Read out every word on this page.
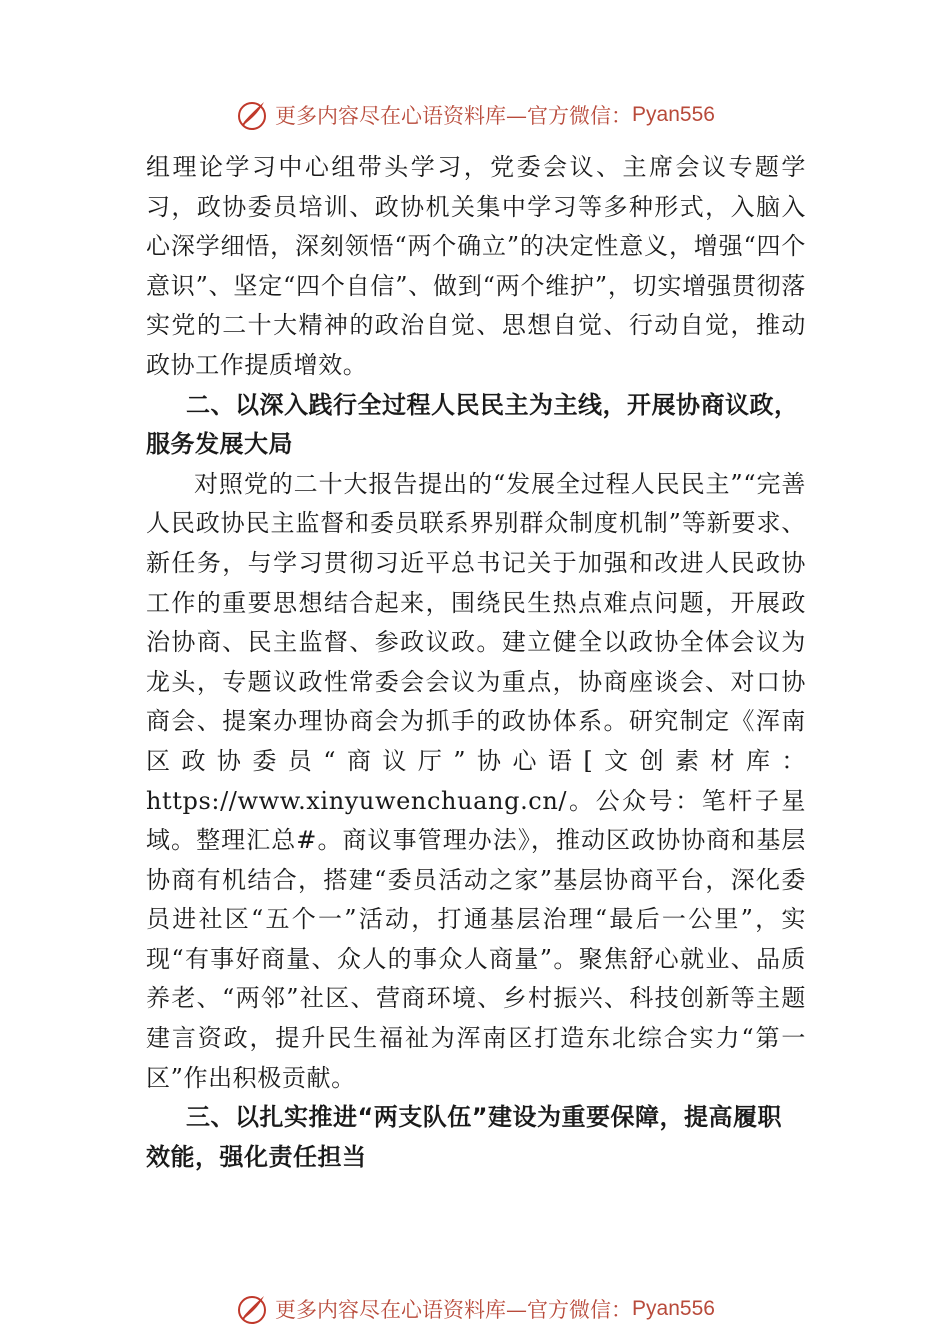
更多内容尽在心语资料库—官方微信： Pyan556

组理论学习中心组带头学习，党委会议、主席会议专题学习，政协委员培训、政协机关集中学习等多种形式，入脑入心深学细悟，深刻领悟“两个确立”的决定性意义，增强“四个意识”、坚定“四个自信”、做到“两个维护”，切实增强贯彻落实党的二十大精神的政治自觉、思想自觉、行动自觉，推动政协工作提质增效。

二、以深入践行全过程人民民主为主线，开展协商议政，服务发展大局

对照党的二十大报告提出的“发展全过程人民民主”“完善人民政协民主监督和委员联系界别群众制度机制”等新要求、新任务，与学习贯彻习近平总书记关于加强和改进人民政协工作的重要思想结合起来，围绕民生热点难点问题，开展政治协商、民主监督、参政议政。建立健全以政协全体会议为龙头，专题议政性常委会会议为重点，协商座谈会、对口协商会、提案办理协商会为抓手的政协体系。研究制定《浑南区政协委员“商议厅”协心语[文创素材库：https://www.xinyuwenchuang.cn/。公众号：笔杆子星域。整理汇总#。商议事管理办法》，推动区政协协商和基层协商有机结合，搭建“委员活动之家”基层协商平台，深化委员进社区“五个一”活动，打通基层治理“最后一公里”，实现“有事好商量、众人的事众人商量”。聚焦舒心就业、品质养老、“两邻”社区、营商环境、乡村振兴、科技创新等主题建言资政，提升民生福祉为浑南区打造东北综合实力“第一区”作出积极贡献。

三、以扎实推进“两支队伍”建设为重要保障，提高履职效能，强化责任担当

更多内容尽在心语资料库—官方微信： Pyan556
